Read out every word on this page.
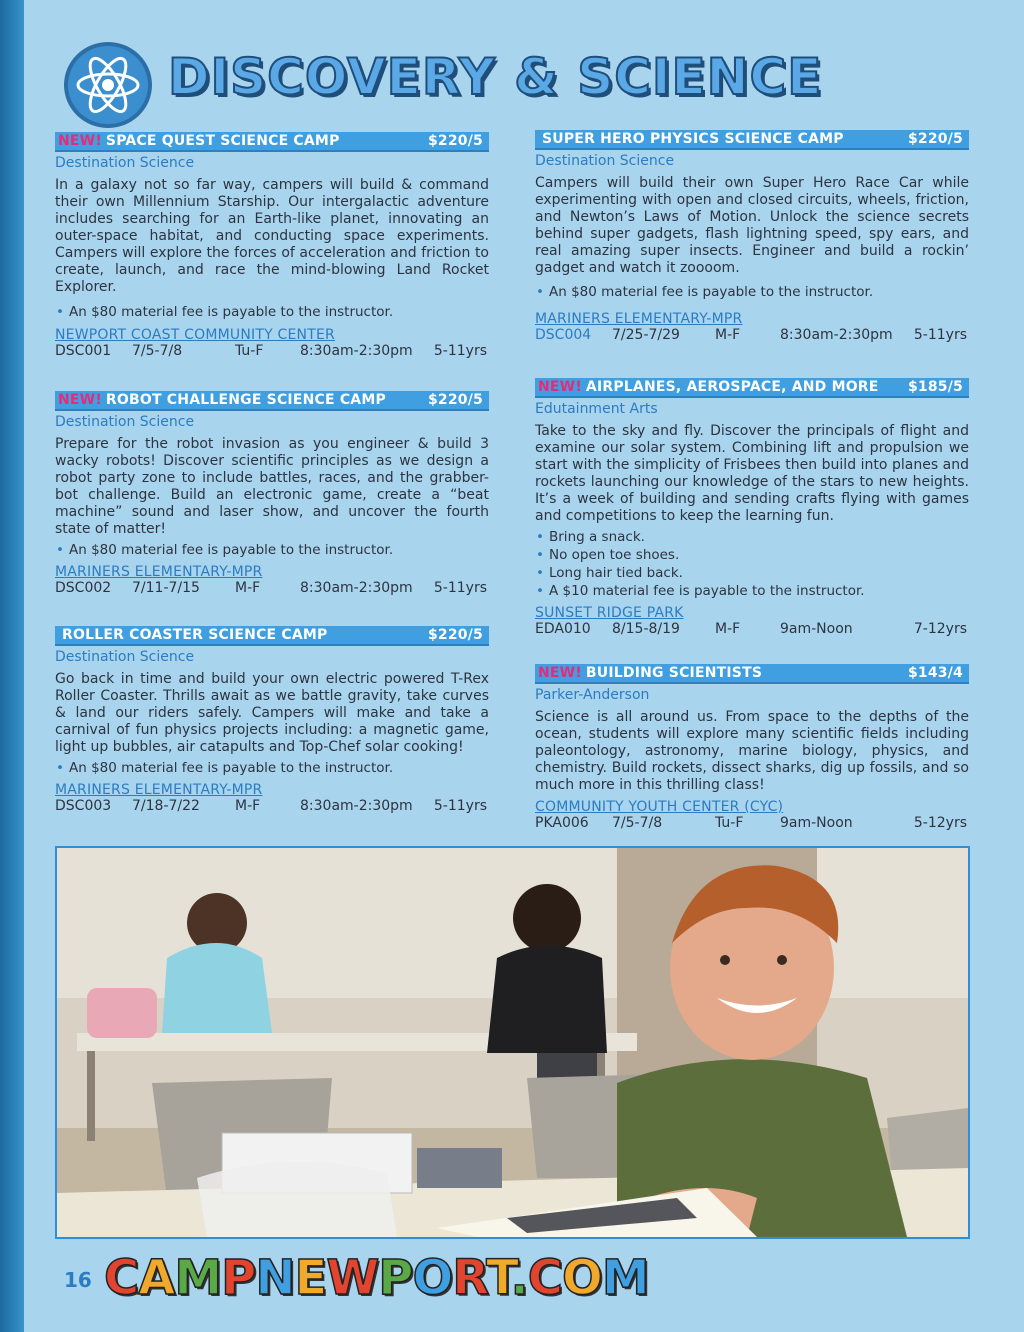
DISCOVERY & SCIENCE
NEW! SPACE QUEST SCIENCE CAMP	$220/5
Destination Science
In a galaxy not so far way, campers will build & command their own Millennium Starship. Our intergalactic adventure includes searching for an Earth-like planet, innovating an outer-space habitat, and conducting space experiments. Campers will explore the forces of acceleration and friction to create, launch, and race the mind-blowing Land Rocket Explorer.
• An $80 material fee is payable to the instructor.
NEWPORT COAST COMMUNITY CENTER
DSC001 7/5-7/8	Tu-F	8:30am-2:30pm 5-11yrs
NEW! ROBOT CHALLENGE SCIENCE CAMP	$220/5
Destination Science
Prepare for the robot invasion as you engineer & build 3 wacky robots! Discover scientific principles as we design a robot party zone to include battles, races, and the grabber-bot challenge. Build an electronic game, create a “beat machine” sound and laser show, and uncover the fourth state of matter!
• An $80 material fee is payable to the instructor.
MARINERS ELEMENTARY-MPR
DSC002 7/11-7/15	M-F	8:30am-2:30pm 5-11yrs
ROLLER COASTER SCIENCE CAMP	$220/5
Destination Science
Go back in time and build your own electric powered T-Rex Roller Coaster. Thrills await as we battle gravity, take curves & land our riders safely. Campers will make and take a carnival of fun physics projects including: a magnetic game, light up bubbles, air catapults and Top-Chef solar cooking!
• An $80 material fee is payable to the instructor.
MARINERS ELEMENTARY-MPR
DSC003 7/18-7/22	M-F	8:30am-2:30pm 5-11yrs
SUPER HERO PHYSICS SCIENCE CAMP	$220/5
Destination Science
Campers will build their own Super Hero Race Car while experimenting with open and closed circuits, wheels, friction, and Newton’s Laws of Motion. Unlock the science secrets behind super gadgets, flash lightning speed, spy ears, and real amazing super insects. Engineer and build a rockin’ gadget and watch it zoooom.
• An $80 material fee is payable to the instructor.
MARINERS ELEMENTARY-MPR
DSC004 7/25-7/29	M-F	8:30am-2:30pm 5-11yrs
NEW! AIRPLANES, AEROSPACE, AND MORE $185/5
Edutainment Arts
Take to the sky and fly. Discover the principals of flight and examine our solar system. Combining lift and propulsion we start with the simplicity of Frisbees then build into planes and rockets launching our knowledge of the stars to new heights. It’s a week of building and sending crafts flying with games and competitions to keep the learning fun.
• Bring a snack.
• No open toe shoes.
• Long hair tied back.
• A $10 material fee is payable to the instructor.
SUNSET RIDGE PARK
EDA010 8/15-8/19	M-F	9am-Noon	7-12yrs
NEW! BUILDING SCIENTISTS	$143/4
Parker-Anderson
Science is all around us. From space to the depths of the ocean, students will explore many scientific fields including paleontology, astronomy, marine biology, physics, and chemistry. Build rockets, dissect sharks, dig up fossils, and so much more in this thrilling class!
COMMUNITY YOUTH CENTER (CYC)
PKA006 7/5-7/8	Tu-F	9am-Noon	5-12yrs
16 CAMPNEWPORT.COM
